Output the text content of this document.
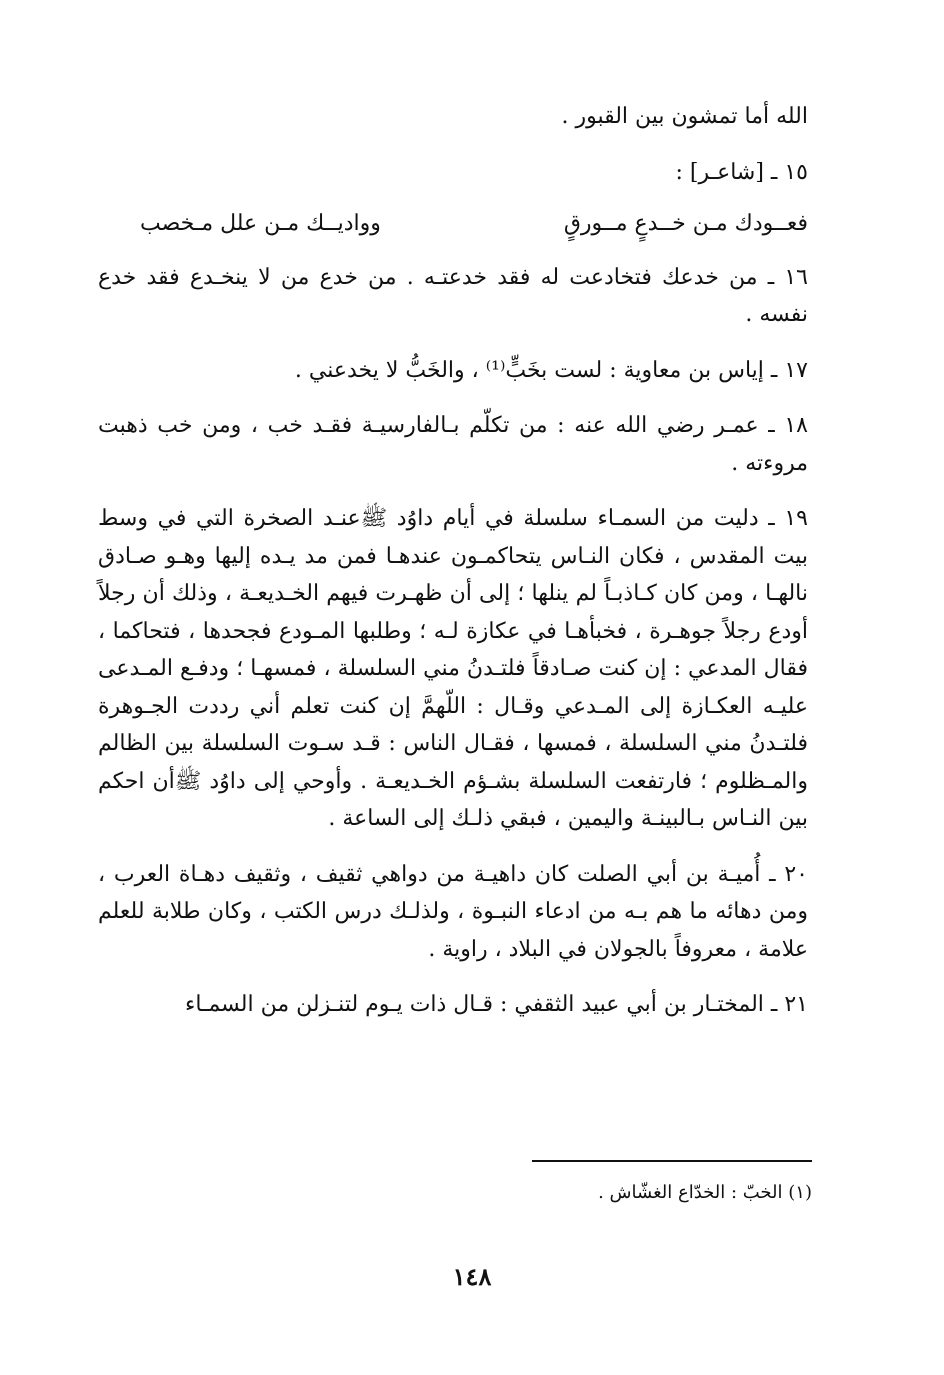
الله أما تمشون بين القبور .

١٥ ـ [شاعـر] :

فعــودك مـن خــدعٍ مــورقٍ
وواديــك مـن علل مـخصب

١٦ ـ من خدعك فتخادعت له فقد خدعتـه . من خدع من لا ينخـدع فقد خدع نفسه .

١٧ ـ إياس بن معاوية : لست بخَبٍّ⁽¹⁾ ، والخَبُّ لا يخدعني .

١٨ ـ عمـر رضي الله عنه : من تكلّم بـالفارسيـة فقـد خب ، ومن خب ذهبت مروءته .

١٩ ـ دليت من السمـاء سلسلة في أيام داوُد ﷺعنـد الصخرة التي في وسط بيت المقدس ، فكان النـاس يتحاكمـون عندهـا فمن مد يـده إليها وهـو صـادق نالهـا ، ومن كان كـاذبـاً لم ينلها ؛ إلى أن ظهـرت فيهم الخـديعـة ، وذلك أن رجلاً أودع رجلاً جوهـرة ، فخبأهـا في عكازة لـه ؛ وطلبها المـودع فجحدها ، فتحاكما ، فقال المدعي : إن كنت صـادقاً فلتـدنُ مني السلسلة ، فمسهـا ؛ ودفـع المـدعى عليـه العكـازة إلى المـدعي وقـال : اللّهمَّ إن كنت تعلم أني رددت الجـوهرة فلتـدنُ مني السلسلة ، فمسها ، فقـال الناس : قـد سـوت السلسلة بين الظالم والمـظلوم ؛ فارتفعت السلسلة بشـؤم الخـديعـة . وأوحي إلى داوُد ﷺأن احكم بين النـاس بـالبينـة واليمين ، فبقي ذلـك إلى الساعة .

٢٠ ـ أُميـة بن أبي الصلت كان داهيـة من دواهي ثقيف ، وثقيف دهـاة العرب ، ومن دهائه ما هم بـه من ادعاء النبـوة ، ولذلـك درس الكتب ، وكان طلابة للعلم علامة ، معروفاً بالجولان في البلاد ، راوية .

٢١ ـ المختـار بن أبي عبيد الثقفي : قـال ذات يـوم لتنـزلن من السمـاء

(١) الخبّ : الخدّاع الغشّاش .

١٤٨
